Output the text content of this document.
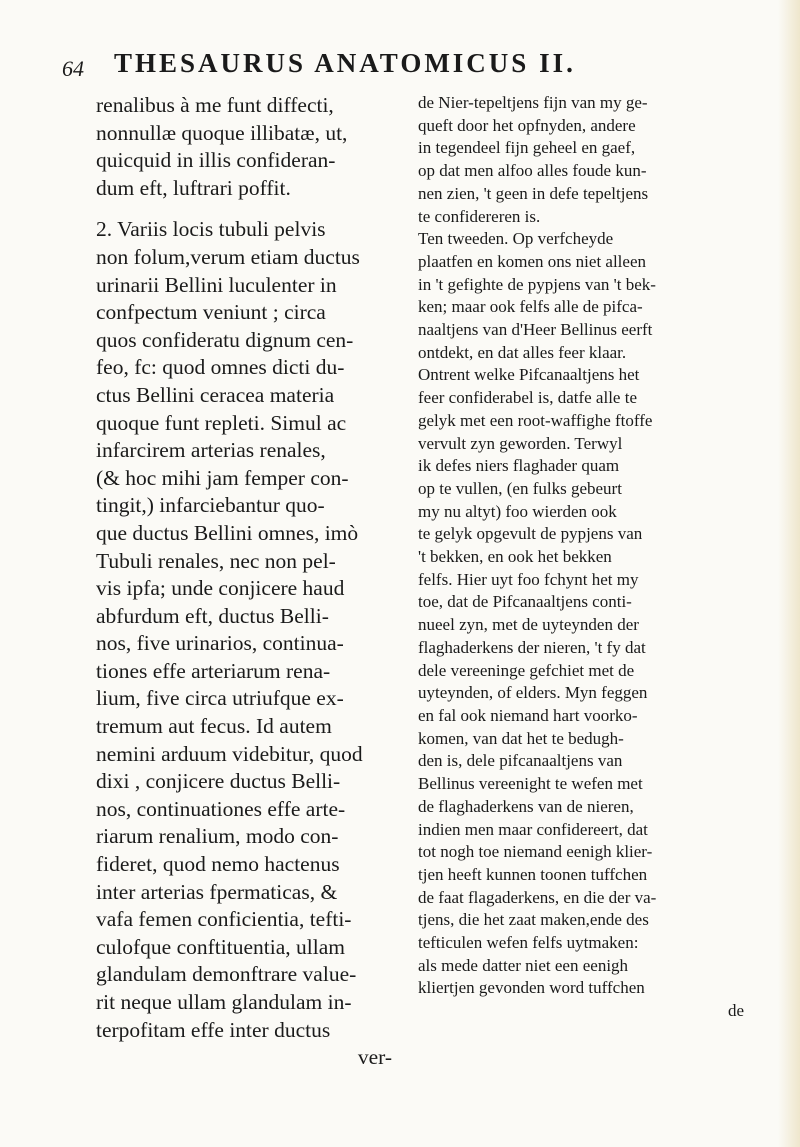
64 THESAURUS ANATOMICUS II.
renalibus à me funt diffecti,
nonnullæ quoque illibatæ, ut,
quicquid in illis confideran-
dum eft, luftrari poffit.
2. Variis locis tubuli pelvis
non folum,verum etiam ductus
urinarii Bellini luculenter in
confpectum veniunt ; circa
quos confideratu dignum cen-
feo, fc: quod omnes dicti du-
ctus Bellini ceracea materia
quoque funt repleti. Simul ac
infarcirem arterias renales,
(& hoc mihi jam femper con-
tingit,) infarciebantur quo-
que ductus Bellini omnes, imò
Tubuli renales, nec non pel-
vis ipfa; unde conjicere haud
abfurdum eft, ductus Belli-
nos, five urinarios, continua-
tiones effe arteriarum rena-
lium, five circa utriufque ex-
tremum aut fecus. Id autem
nemini arduum videbitur, quod
dixi , conjicere ductus Belli-
nos, continuationes effe arte-
riarum renalium, modo con-
fideret, quod nemo hactenus
inter arterias fpermaticas, &
vafa femen conficientia, tefti-
culofque conftituentia, ullam
glandulam demonftrare value-
rit neque ullam glandulam in-
terpofitam effe inter ductus
ver-
de Nier-tepeltjens fijn van my ge-
queft door het opfnyden, andere
in tegendeel fijn geheel en gaef,
op dat men alfoo alles foude kun-
nen zien, 't geen in defe tepeltjens
te confidereren is.
Ten tweeden. Op verfcheyde
plaatfen en komen ons niet alleen
in 't gefighte de pypjens van 't bek-
ken; maar ook felfs alle de pifca-
naaltjens van d'Heer Bellinus eerft
ontdekt, en dat alles feer klaar.
Ontrent welke Pifcanaaltjens het
feer confiderabel is, datfe alle te
gelyk met een root-waffighe ftoffe
vervult zyn geworden. Terwyl
ik defes niers flaghader quam
op te vullen, (en fulks gebeurt
my nu altyt) foo wierden ook
te gelyk opgevult de pypjens van
't bekken, en ook het bekken
felfs. Hier uyt foo fchynt het my
toe, dat de Pifcanaaltjens conti-
nueel zyn, met de uyteynden der
flaghaderkens der nieren, 't fy dat
dele vereeninge gefchiet met de
uyteynden, of elders. Myn feggen
en fal ook niemand hart voorko-
komen, van dat het te bedugh-
den is, dele pifcanaaltjens van
Bellinus vereenight te wefen met
de flaghaderkens van de nieren,
indien men maar confidereert, dat
tot nogh toe niemand eenigh klier-
tjen heeft kunnen toonen tuffchen
de faat flagaderkens, en die der va-
tjens, die het zaat maken,ende des
tefticulen wefen felfs uytmaken:
als mede datter niet een eenigh
kliertjen gevonden word tuffchen
de
